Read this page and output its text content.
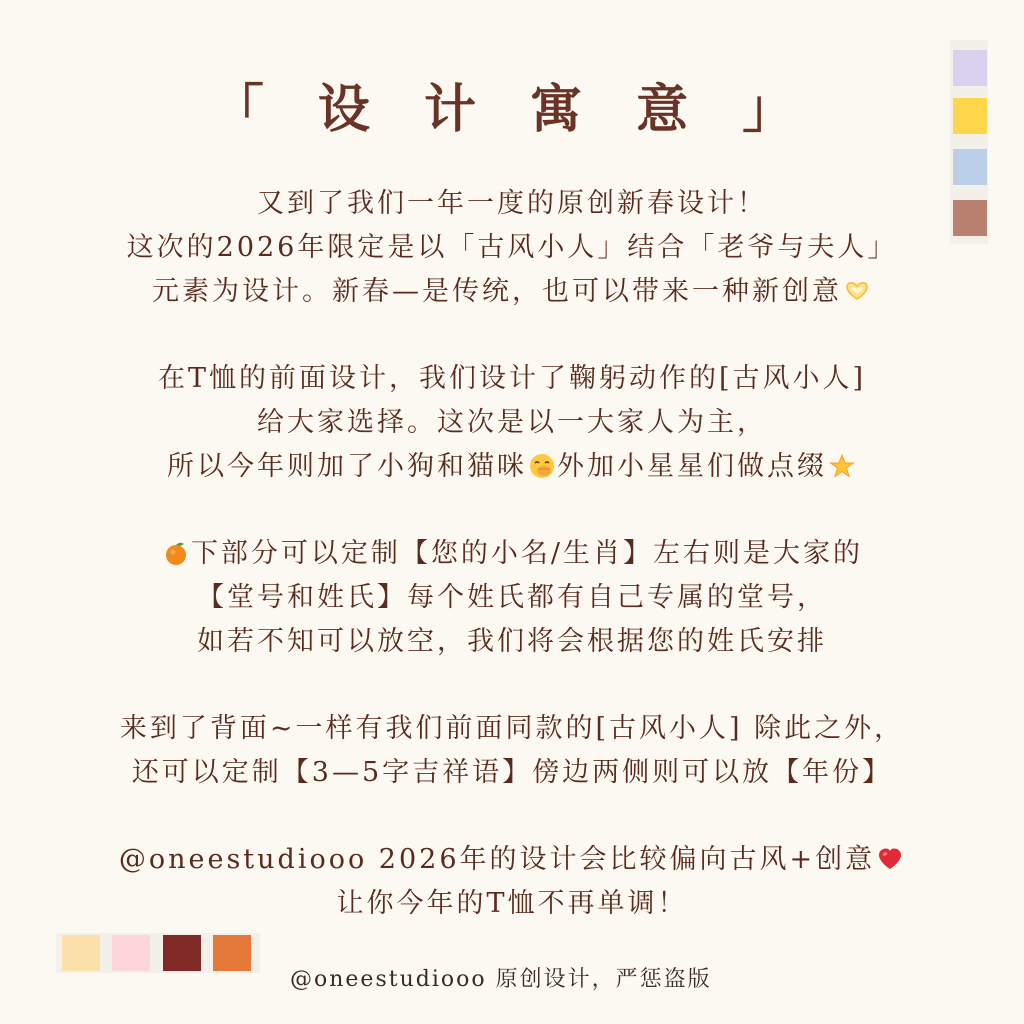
「 设 计 寓 意 」
又到了我们一年一度的原创新春设计！
这次的2026年限定是以「古风小人」结合「老爷与夫人」
元素为设计。新春—是传统，也可以带来一种新创意
在T恤的前面设计，我们设计了鞠躬动作的[古风小人]
给大家选择。这次是以一大家人为主，
所以今年则加了小狗和猫咪 外加小星星们做点缀
下部分可以定制【您的小名/生肖】左右则是大家的
【堂号和姓氏】每个姓氏都有自己专属的堂号，
如若不知可以放空，我们将会根据您的姓氏安排
来到了背面~一样有我们前面同款的[古风小人] 除此之外，
还可以定制【3—5字吉祥语】傍边两侧则可以放【年份】
@oneestudiooo 2026年的设计会比较偏向古风+创意
让你今年的T恤不再单调！
@oneestudiooo 原创设计，严惩盗版
